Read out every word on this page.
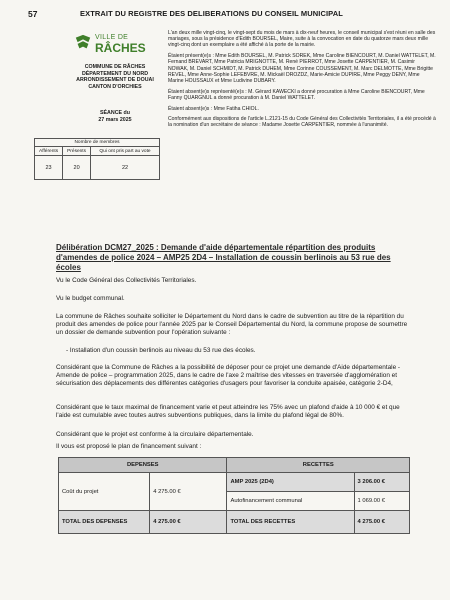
57	EXTRAIT DU REGISTRE DES DELIBERATIONS DU CONSEIL MUNICIPAL
VILLE DE
RÂCHES
COMMUNE DE RÂCHES
DÉPARTEMENT DU NORD
ARRONDISSEMENT DE DOUAI
CANTON D'ORCHIES
SÉANCE du
27 mars 2025
Nombre de membres		
Afférents	Présents	Qui ont pris part au vote
23	20	22

L'an deux mille vingt-cinq, le vingt-sept du mois de mars à dix-neuf heures, le conseil municipal s'est réuni en salle des mariages, sous la présidence d'Edith BOURSEL, Maire, suite à la convocation en date du quatorze mars deux mille vingt-cinq dont un exemplaire a été affiché à la porte de la mairie.

Étaient présent(e)s : Mme Edith BOURSEL, M. Patrick SOREK, Mme Caroline BIENCOURT, M. Daniel WATTELET, M. Fernand BREVART, Mme Patricia MRIGNOTTE, M. René PIERROT, Mme Josette CARPENTIER, M. Casimir NOWAK, M. Daniel SCHMIDT, M. Patrick DUHEM, Mme Corinne COUSSEMENT, M. Marc DELMOTTE, Mme Brigitte REVEL, Mme Anne-Sophie LEFEBVRE, M. Mickaël DROZDZ, Marie-Amicie DUPIRE, Mme Peggy DENY, Mme Marine HOUSSAUX et Mme Ludivine DUBARY.

Étaient absent(e)s représenté(e)s : M. Gérard KAWECKI a donné procuration à Mme Caroline BIENCOURT, Mme Fanny QUARGNUL a donné procuration à M. Daniel WATTELET.

Étaient absent(e)s : Mme Fatiha CHIOL.

Conformément aux dispositions de l'article L.2121-15 du Code Général des Collectivités Territoriales, il a été procédé à la nomination d'un secrétaire de séance : Madame Josette CARPENTIER, nommée à l'unanimité.

Délibération DCM27_2025 : Demande d'aide départementale répartition des produits d'amendes de police 2024 – AMP25 2D4 – Installation de coussin berlinois au 53 rue des écoles
Vu le Code Général des Collectivités Territoriales.
Vu le budget communal.
La commune de Râches souhaite solliciter le Département du Nord dans le cadre de subvention au titre de la répartition du produit des amendes de police pour l'année 2025 par le Conseil Départemental du Nord, la commune propose de soumettre un dossier de demande subvention pour l'opération suivante :
- Installation d'un coussin berlinois au niveau du 53 rue des écoles.
Considérant que la Commune de Râches a la possibilité de déposer pour ce projet une demande d'Aide départementale - Amende de police – programmation 2025, dans le cadre de l'axe 2 maîtrise des vitesses en traversée d'agglomération et sécurisation des déplacements des différentes catégories d'usagers pour favoriser la conduite apaisée, catégorie 2-D4,
Considérant que le taux maximal de financement varie et peut atteindre les 75% avec un plafond d'aide à 10 000 € et que l'aide est cumulable avec toutes autres subventions publiques, dans la limite du plafond légal de 80%.
Considérant que le projet est conforme à la circulaire départementale.
Il vous est proposé le plan de financement suivant :
DEPENSES		RECETTES	
Coût du projet	4 275.00 €	AMP 2025 (2D4)	3 206.00 €
		Autofinancement communal	1 069.00 €
TOTAL DES DEPENSES	4 275.00 €	TOTAL DES RECETTES	4 275.00 €
